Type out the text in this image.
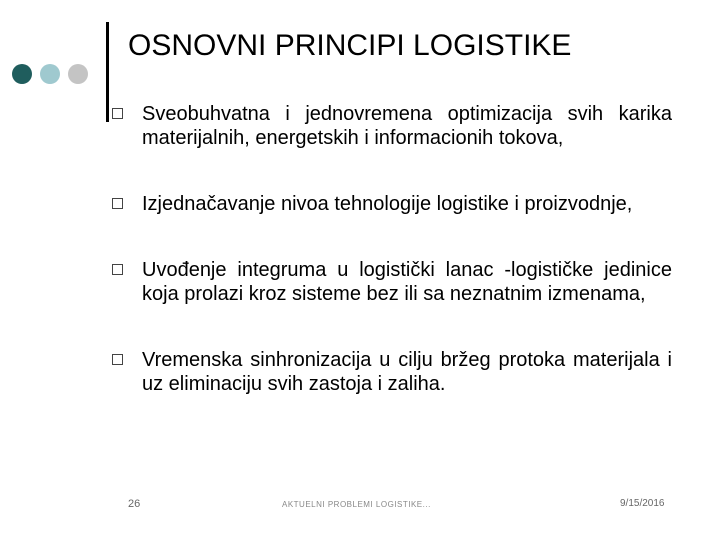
OSNOVNI PRINCIPI LOGISTIKE
Sveobuhvatna i jednovremena optimizacija svih karika materijalnih, energetskih i informacionih tokova,
Izjednačavanje nivoa tehnologije logistike i proizvodnje,
Uvođenje integruma u logistički lanac -logističke jedinice koja prolazi kroz sisteme bez ili sa neznatnim izmenama,
Vremenska sinhronizacija u cilju bržeg protoka materijala i uz eliminaciju svih zastoja i zaliha.
26	AKTUELNI PROBLEMI LOGISTIKE...	9/15/2016
